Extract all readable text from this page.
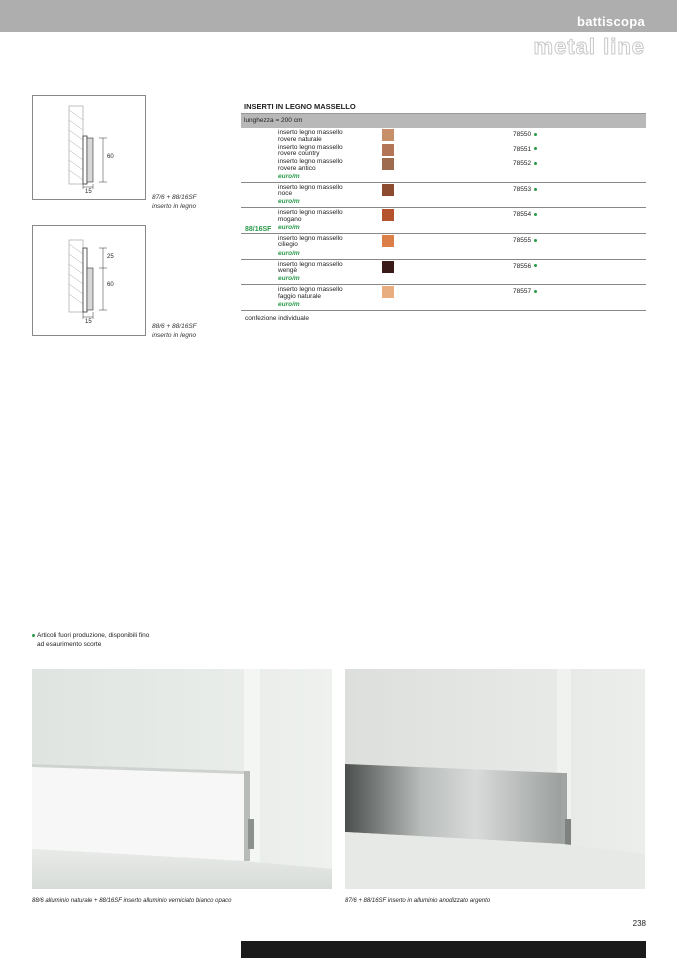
battiscopa
metal line
60
15
87/6 + 88/16SF
inserto in legno
25
60
15
88/6 + 88/16SF
inserto in legno
INSERTI IN LEGNO MASSELLO
lunghezza = 200 cm
88/16SF
inserto legno massello
rovere naturale
78550
inserto legno massello
rovere country
78551
inserto legno massello
rovere antico
78552
euro/m
inserto legno massello
noce
78553
euro/m
inserto legno massello
mogano
78554
euro/m
inserto legno massello
ciliegio
78555
euro/m
inserto legno massello
wengè
78556
euro/m
inserto legno massello
faggio naturale
78557
euro/m
confezione individuale
Articoli fuori produzione, disponibili fino
ad esaurimento scorte
88/6 alluminio naturale + 88/16SF inserto alluminio verniciato bianco opaco	87/6 + 88/16SF inserto in alluminio anodizzato argento
238
